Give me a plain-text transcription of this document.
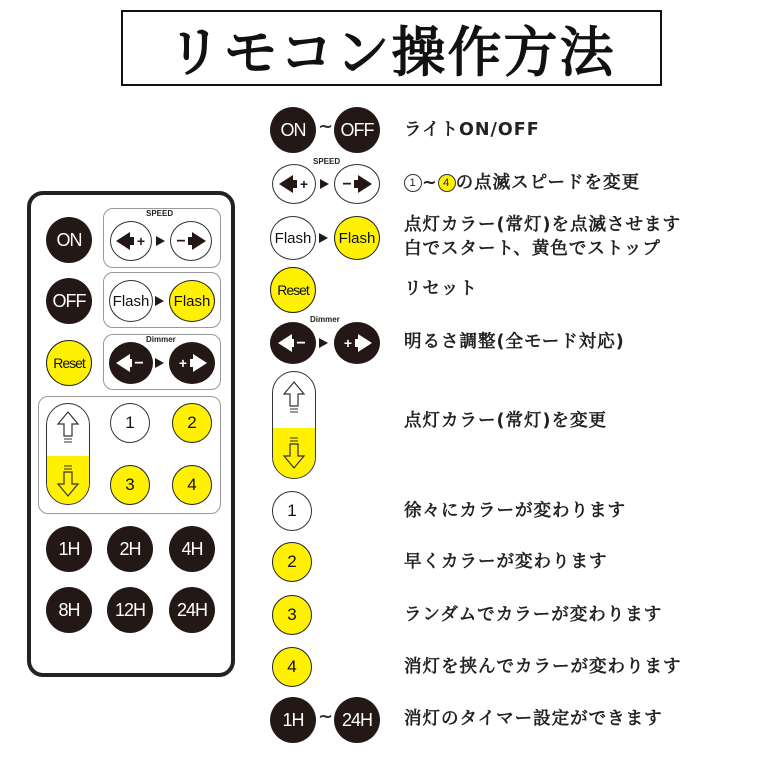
リモコン操作方法
ON
OFF
Reset
SPEED
+ −
Flash Flash
Dimmer
−	+
1	2
3	4
1H 2H 4H
8H 12H 24H
ON ~ OFF ライトON/OFF
SPEED
+ −	1 ~ 4 の点滅スピードを変更
Flash Flash
点灯カラー(常灯)を点滅させます
白でスタート、黄色でストップ
Reset	リセット
Dimmer
−	+	明るさ調整(全モード対応)
点灯カラー(常灯)を変更
1	徐々にカラーが変わります
2	早くカラーが変わります
3	ランダムでカラーが変わります
4	消灯を挟んでカラーが変わります
1H ~ 24H 消灯のタイマー設定ができます
